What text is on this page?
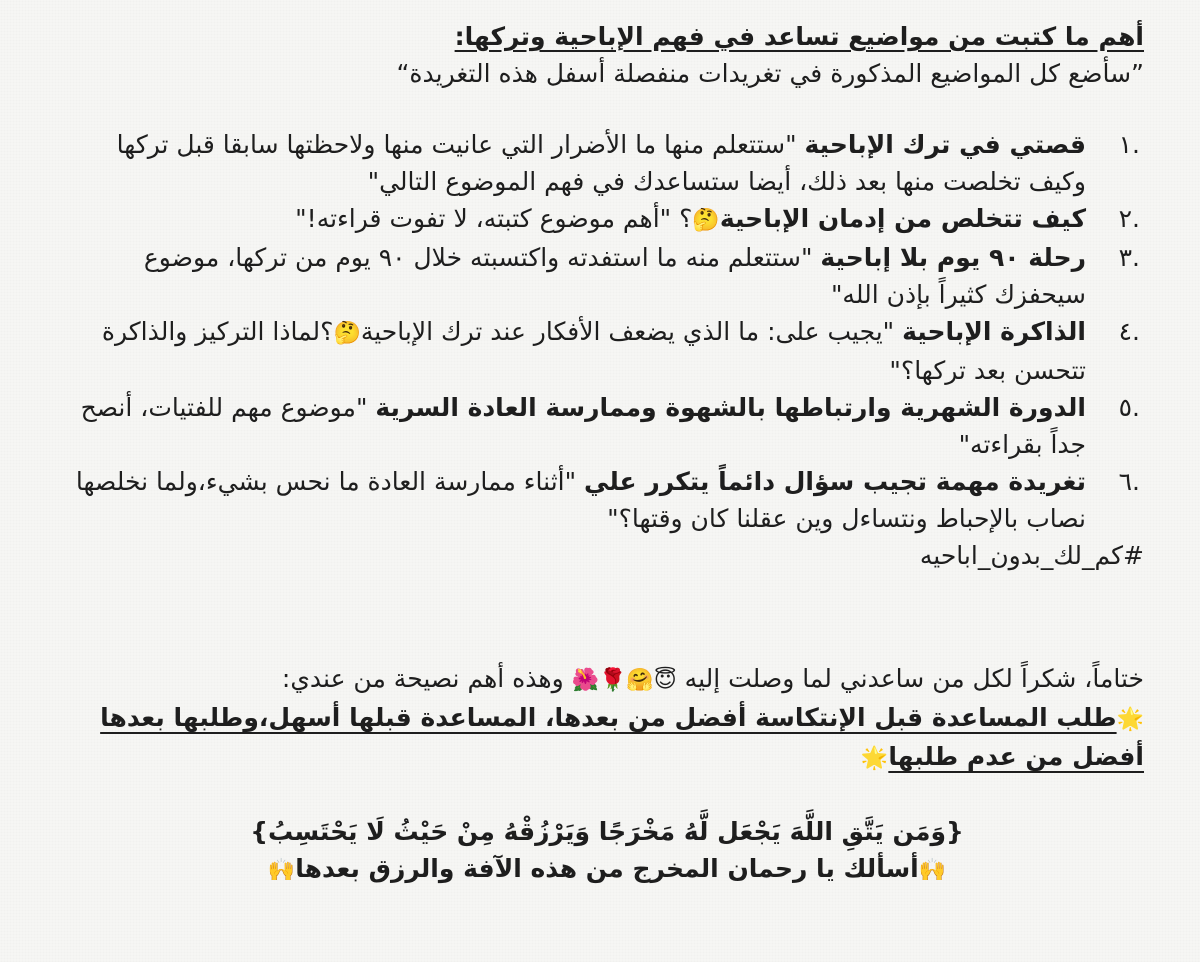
أهم ما كتبت من مواضيع تساعد في فهم الإباحية وتركها:
”سأضع كل المواضيع المذكورة في تغريدات منفصلة أسفل هذه التغريدة“
.١
قصتي في ترك الإباحية "ستتعلم منها ما الأضرار التي عانيت منها ولاحظتها سابقا قبل تركها وكيف تخلصت منها بعد ذلك، أيضا ستساعدك في فهم الموضوع التالي"
.٢
كيف تتخلص من إدمان الإباحية🤔؟ "أهم موضوع كتبته، لا تفوت قراءته!"
.٣
رحلة ٩٠ يوم بلا إباحية "ستتعلم منه ما استفدته واكتسبته خلال ٩٠ يوم من تركها، موضوع سيحفزك كثيراً بإذن الله"
.٤
الذاكرة الإباحية "يجيب على: ما الذي يضعف الأفكار عند ترك الإباحية🤔؟لماذا التركيز والذاكرة تتحسن بعد تركها؟"
.٥
الدورة الشهرية وارتباطها بالشهوة وممارسة العادة السرية "موضوع مهم للفتيات، أنصح جداً بقراءته"
.٦
تغريدة مهمة تجيب سؤال دائماً يتكرر علي "أثناء ممارسة العادة ما نحس بشيء،ولما نخلصها نصاب بالإحباط ونتساءل وين عقلنا كان وقتها؟"
#كم_لك_بدون_اباحيه
ختاماً، شكراً لكل من ساعدني لما وصلت إليه 😇🤗🌹🌺 وهذه أهم نصيحة من عندي:
🌟طلب المساعدة قبل الإنتكاسة أفضل من بعدها، المساعدة قبلها أسهل،وطلبها بعدها أفضل من عدم طلبها🌟
{وَمَن يَتَّقِ اللَّهَ يَجْعَل لَّهُ مَخْرَجًا وَيَرْزُقْهُ مِنْ حَيْثُ لَا يَحْتَسِبُ}
🙌أسألك يا رحمان المخرج من هذه الآفة والرزق بعدها🙌
